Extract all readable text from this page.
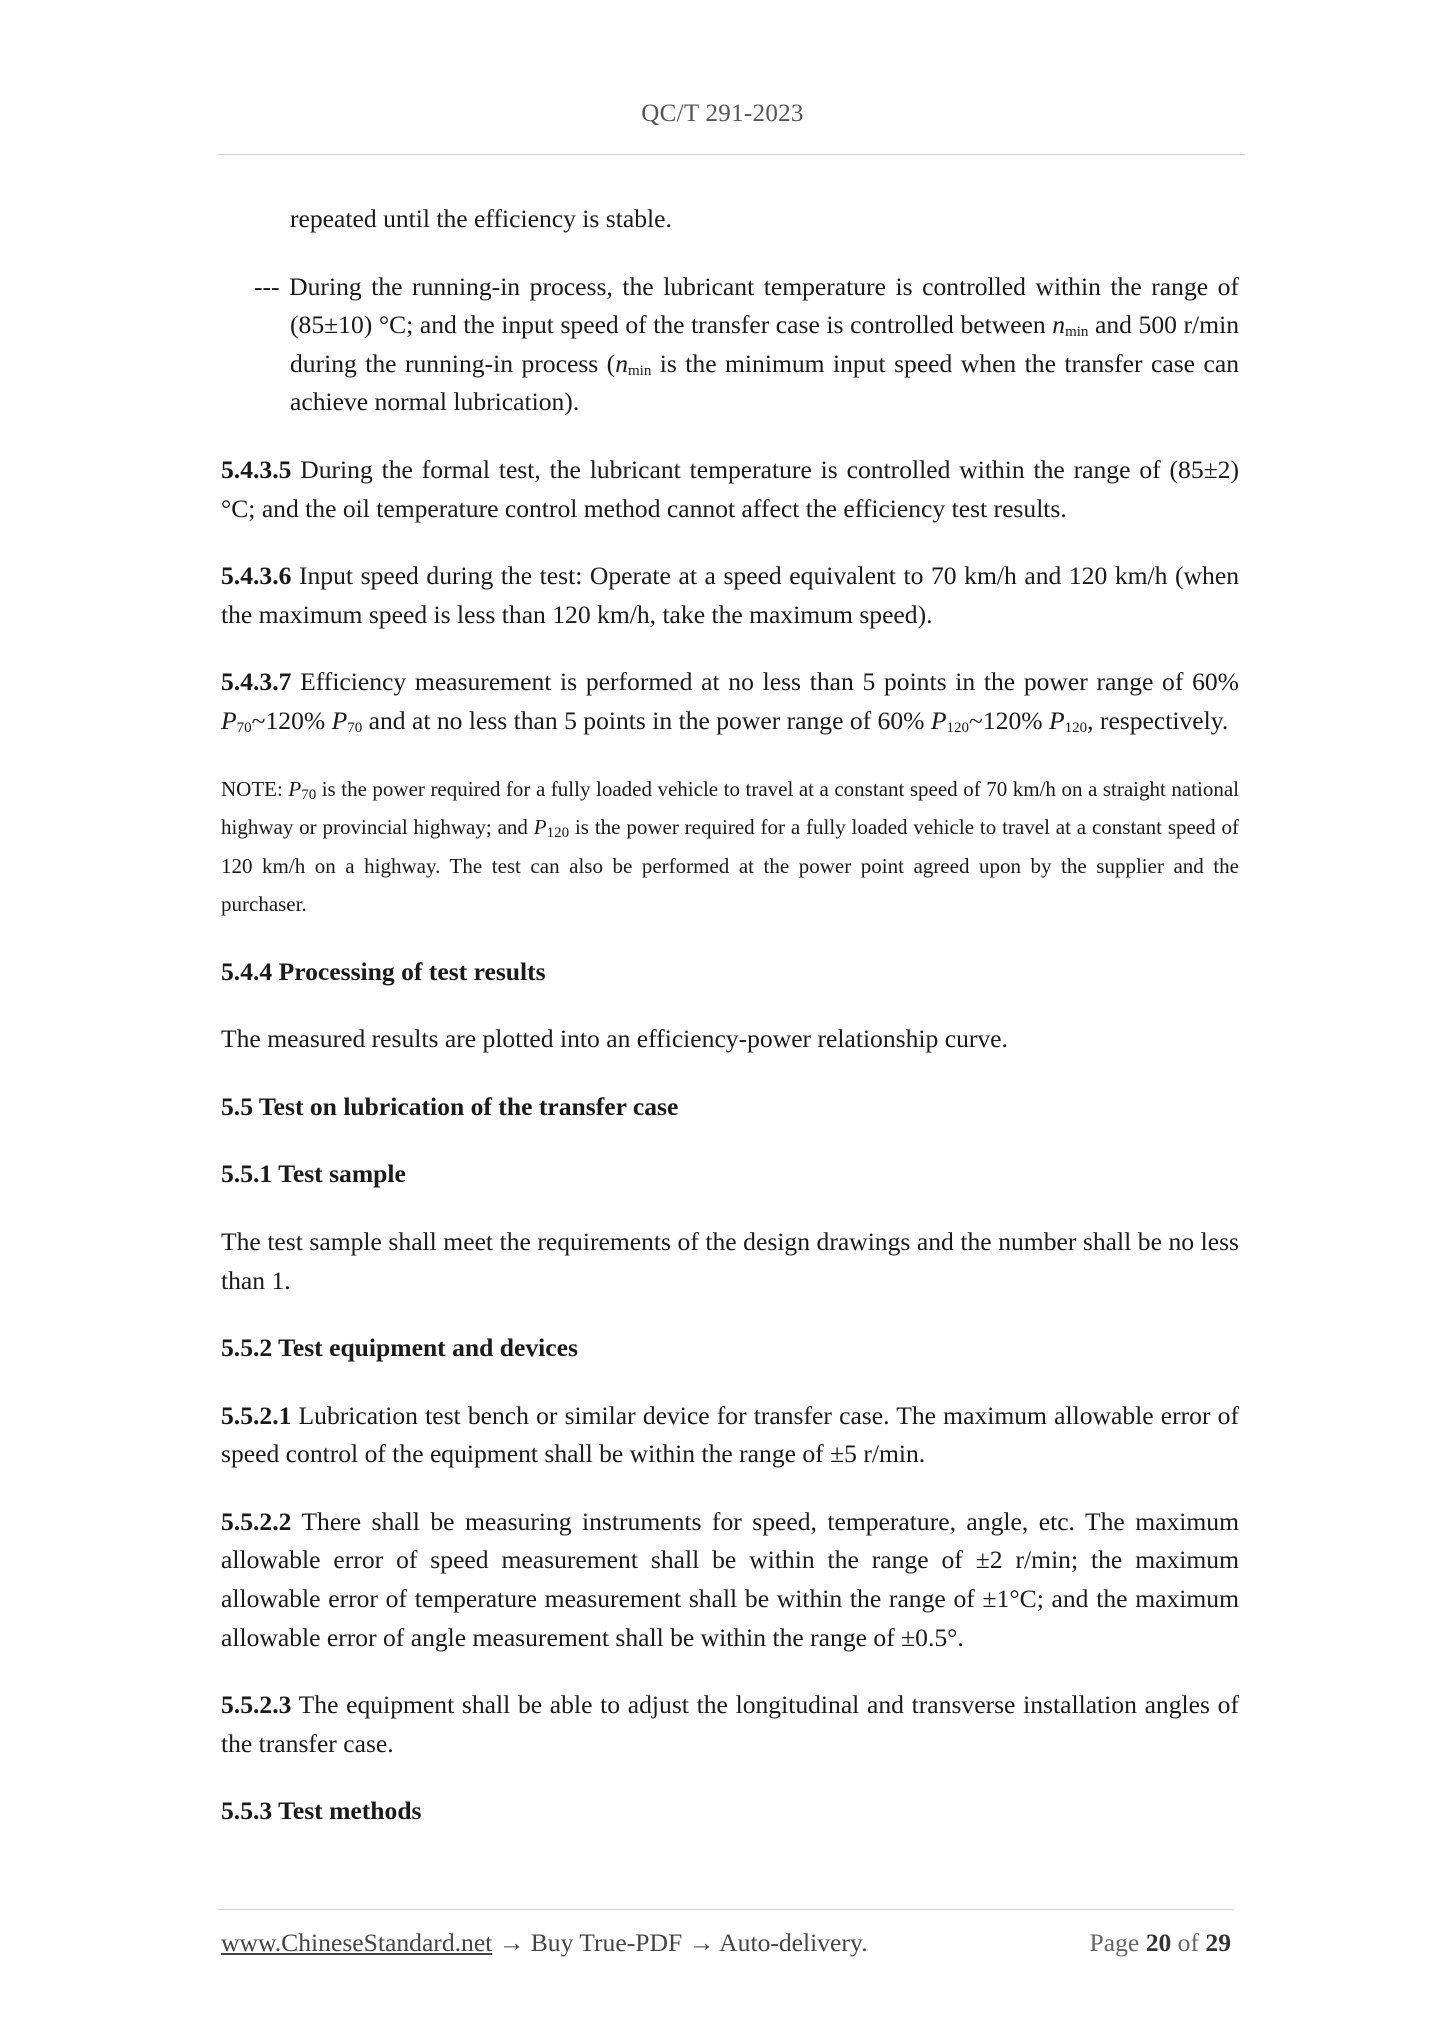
QC/T 291-2023

repeated until the efficiency is stable.

--- During the running-in process, the lubricant temperature is controlled within the range of (85±10) °C; and the input speed of the transfer case is controlled between $n_{min}$ and 500 r/min during the running-in process ($n_{min}$ is the minimum input speed when the transfer case can achieve normal lubrication).

5.4.3.5 During the formal test, the lubricant temperature is controlled within the range of (85±2) °C; and the oil temperature control method cannot affect the efficiency test results.

5.4.3.6 Input speed during the test: Operate at a speed equivalent to 70 km/h and 120 km/h (when the maximum speed is less than 120 km/h, take the maximum speed).

5.4.3.7 Efficiency measurement is performed at no less than 5 points in the power range of 60% $P_{70}\sim 120\%$ $P_{70}$ and at no less than 5 points in the power range of 60% $P_{120}\sim 120\%$ $P_{120}$, respectively.

NOTE: $P_{70}$ is the power required for a fully loaded vehicle to travel at a constant speed of 70 km/h on a straight national highway or provincial highway; and $P_{120}$ is the power required for a fully loaded vehicle to travel at a constant speed of 120 km/h on a highway. The test can also be performed at the power point agreed upon by the supplier and the purchaser.

5.4.4 Processing of test results

The measured results are plotted into an efficiency-power relationship curve.

5.5 Test on lubrication of the transfer case

5.5.1 Test sample

The test sample shall meet the requirements of the design drawings and the number shall be no less than 1.

5.5.2 Test equipment and devices

5.5.2.1 Lubrication test bench or similar device for transfer case. The maximum allowable error of speed control of the equipment shall be within the range of ±5 r/min.

5.5.2.2 There shall be measuring instruments for speed, temperature, angle, etc. The maximum allowable error of speed measurement shall be within the range of ±2 r/min; the maximum allowable error of temperature measurement shall be within the range of ±1°C; and the maximum allowable error of angle measurement shall be within the range of ±0.5°.

5.5.2.3 The equipment shall be able to adjust the longitudinal and transverse installation angles of the transfer case.

5.5.3 Test methods

www.ChineseStandard.net → Buy True-PDF → Auto-delivery.	Page 20 of 29
